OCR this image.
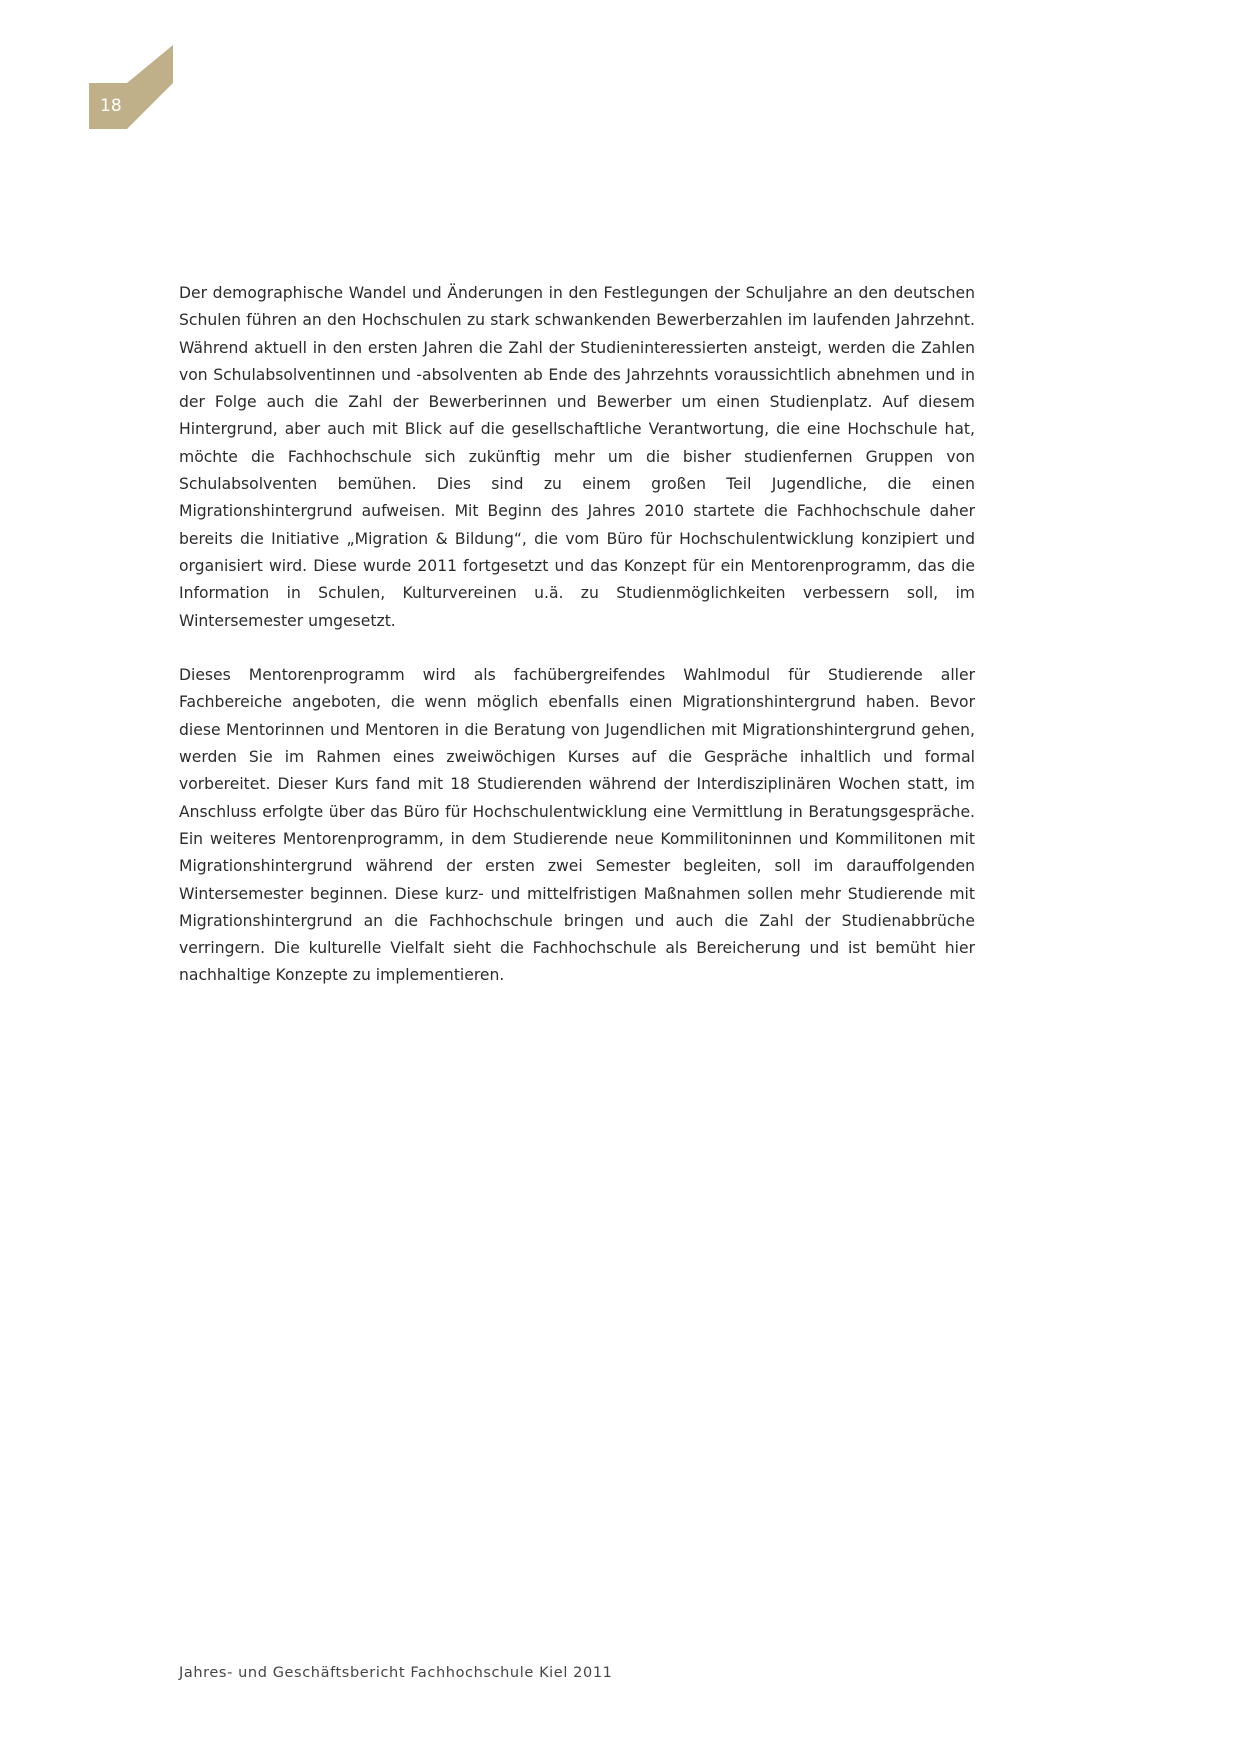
18

Der demographische Wandel und Änderungen in den Festlegungen der Schuljahre an den deutschen Schulen führen an den Hochschulen zu stark schwankenden Bewerberzahlen im laufenden Jahrzehnt. Während aktuell in den ersten Jahren die Zahl der Studieninteressierten ansteigt, werden die Zahlen von Schulabsolventinnen und -absolventen ab Ende des Jahrzehnts voraussichtlich abnehmen und in der Folge auch die Zahl der Bewerberinnen und Bewerber um einen Studienplatz. Auf diesem Hintergrund, aber auch mit Blick auf die gesellschaftliche Verantwortung, die eine Hochschule hat, möchte die Fachhochschule sich zukünftig mehr um die bisher studienfernen Gruppen von Schulabsolventen bemühen. Dies sind zu einem großen Teil Jugendliche, die einen Migrationshintergrund aufweisen. Mit Beginn des Jahres 2010 startete die Fachhochschule daher bereits die Initiative „Migration & Bildung“, die vom Büro für Hochschulentwicklung konzipiert und organisiert wird. Diese wurde 2011 fortgesetzt und das Konzept für ein Mentorenprogramm, das die Information in Schulen, Kulturvereinen u.ä. zu Studienmöglichkeiten verbessern soll, im Wintersemester umgesetzt.

Dieses Mentorenprogramm wird als fachübergreifendes Wahlmodul für Studierende aller Fachbereiche angeboten, die wenn möglich ebenfalls einen Migrationshintergrund haben. Bevor diese Mentorinnen und Mentoren in die Beratung von Jugendlichen mit Migrationshintergrund gehen, werden Sie im Rahmen eines zweiwöchigen Kurses auf die Gespräche inhaltlich und formal vorbereitet. Dieser Kurs fand mit 18 Studierenden während der Interdisziplinären Wochen statt, im Anschluss erfolgte über das Büro für Hochschulentwicklung eine Vermittlung in Beratungsgespräche. Ein weiteres Mentorenprogramm, in dem Studierende neue Kommilitoninnen und Kommilitonen mit Migrationshintergrund während der ersten zwei Semester begleiten, soll im darauffolgenden Wintersemester beginnen. Diese kurz- und mittelfristigen Maßnahmen sollen mehr Studierende mit Migrationshintergrund an die Fachhochschule bringen und auch die Zahl der Studienabbrüche verringern. Die kulturelle Vielfalt sieht die Fachhochschule als Bereicherung und ist bemüht hier nachhaltige Konzepte zu implementieren.

Jahres- und Geschäftsbericht Fachhochschule Kiel 2011
